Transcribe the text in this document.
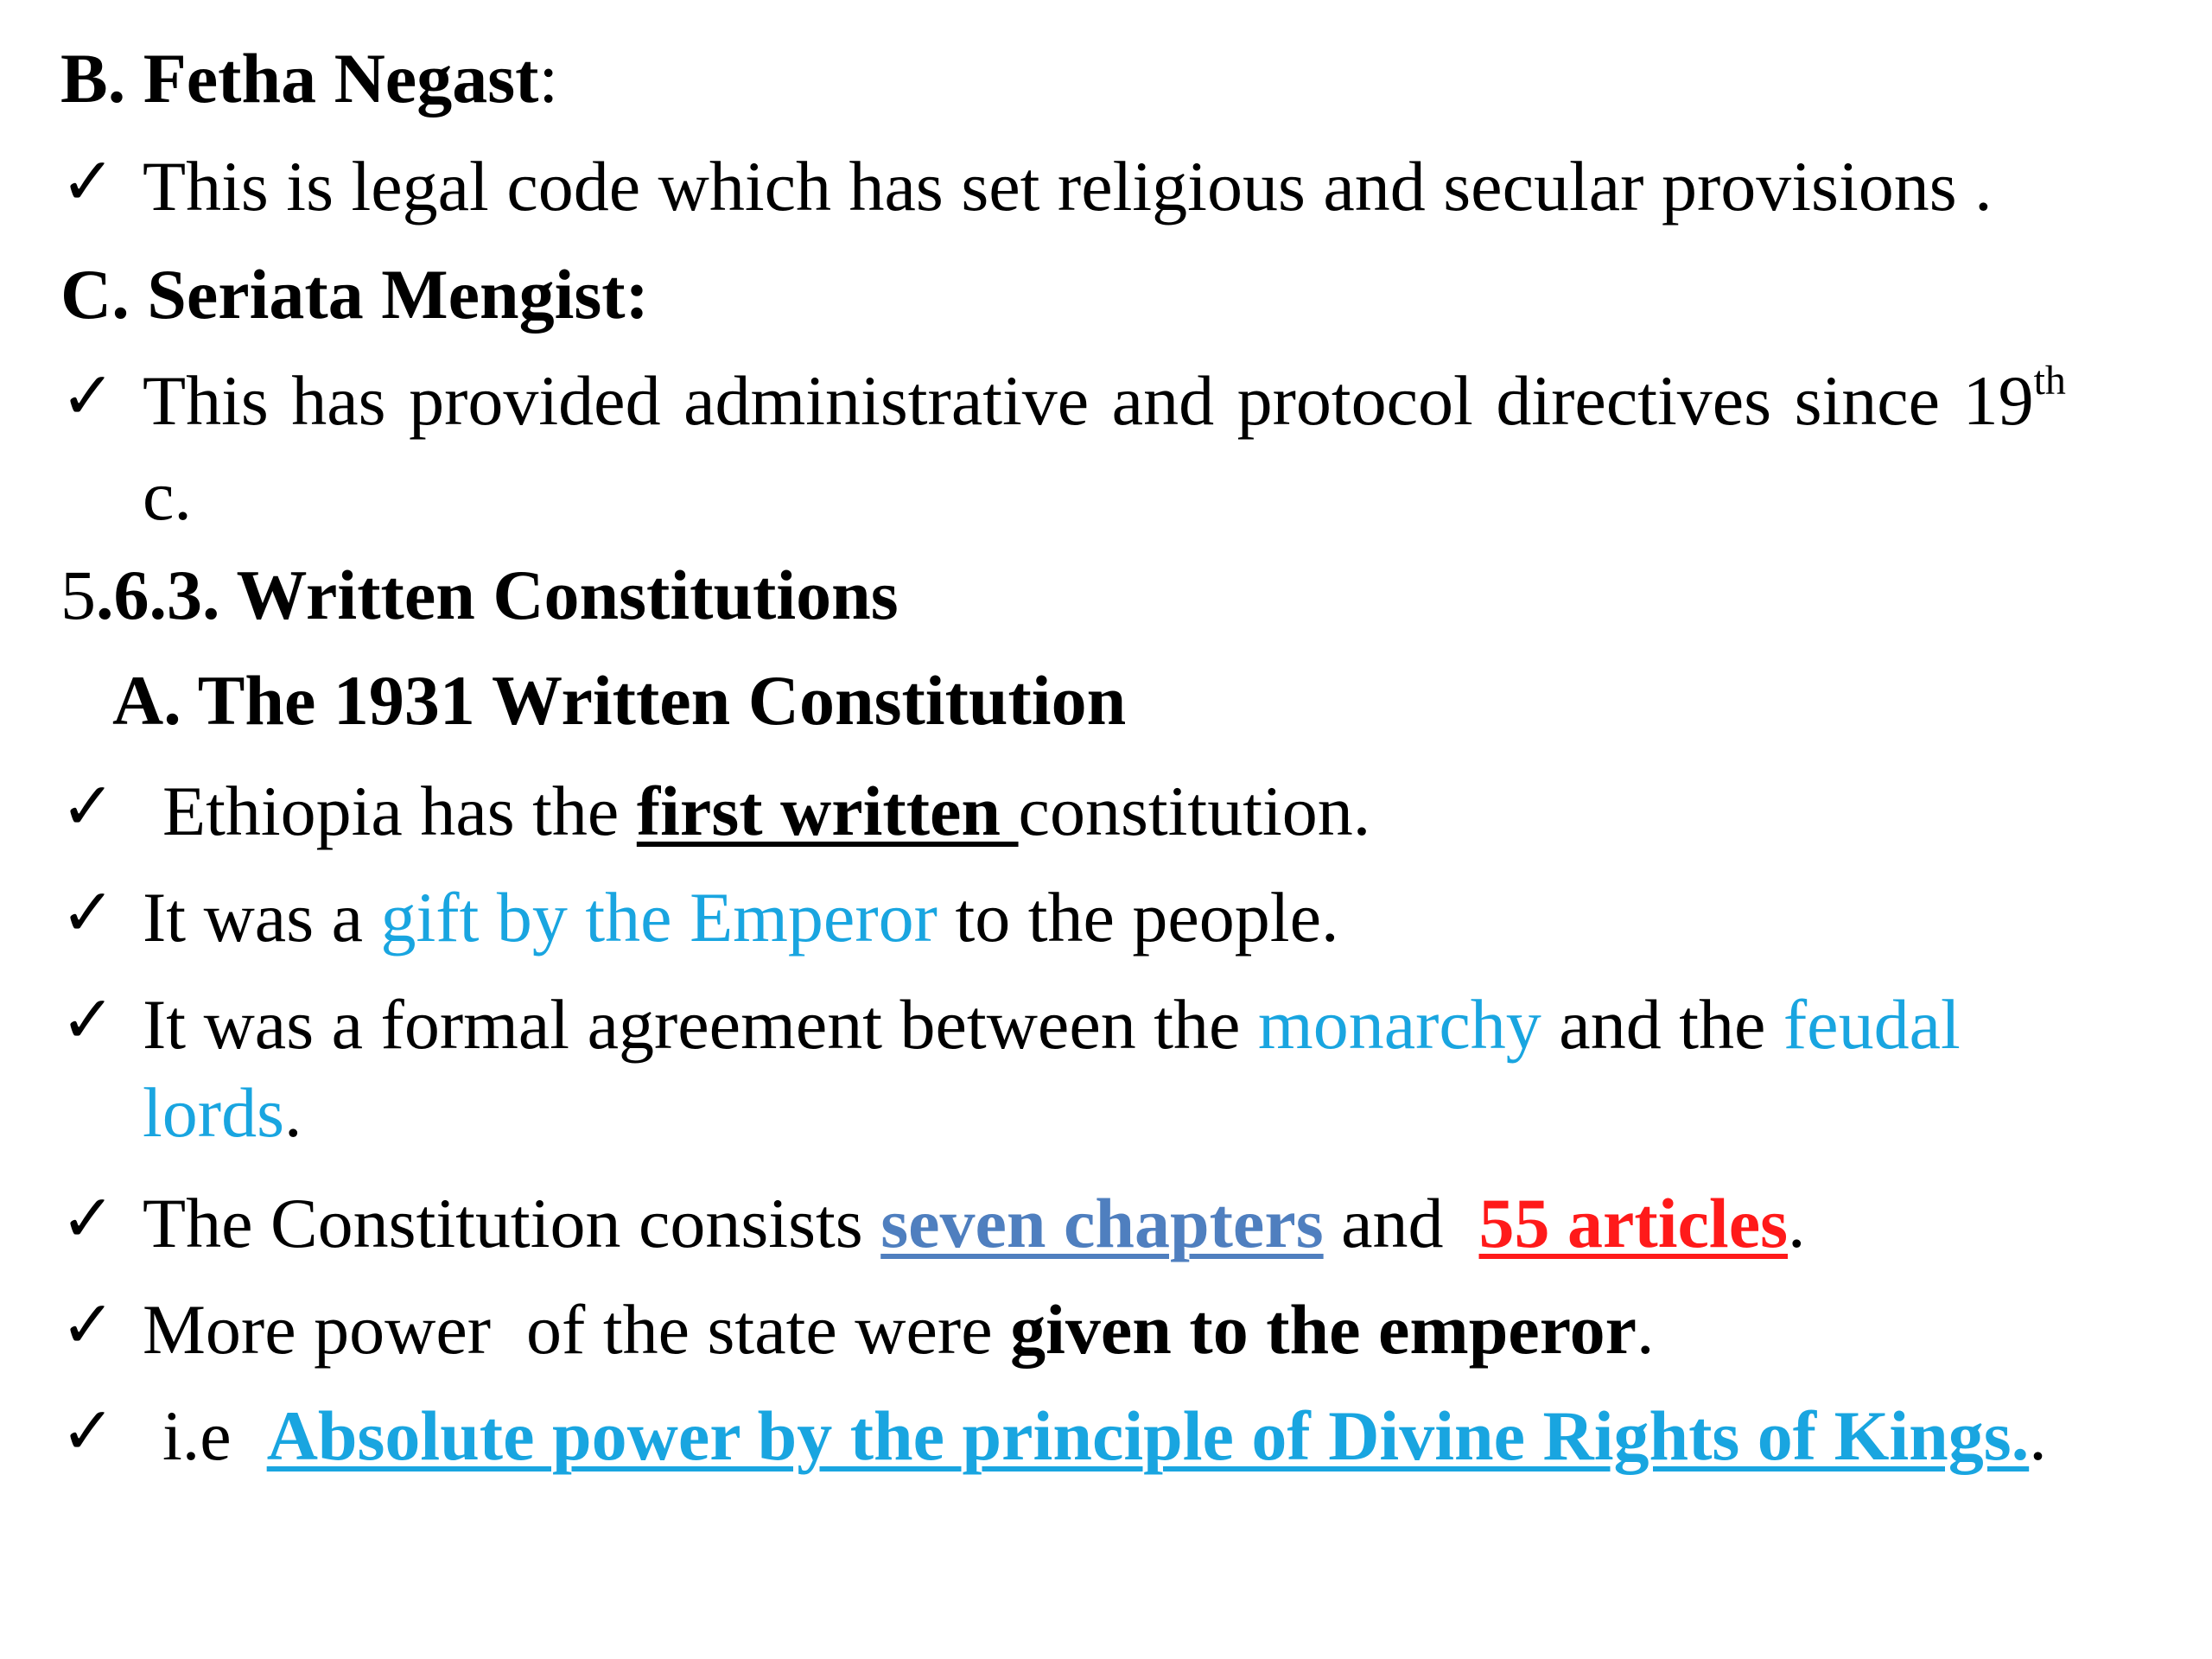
B. Fetha Negast:
✓ This is legal code which has set religious and secular provisions .
C. Seriata Mengist:
✓ This has provided administrative and protocol directives since 19th
c.
5.6.3. Written Constitutions
A. The 1931 Written Constitution
✓ Ethiopia has the first written constitution.
✓ It was a gift by the Emperor to the people.
✓ It was a formal agreement between the monarchy and the feudal
lords.
✓ The Constitution consists seven chapters and  55 articles.
✓ More power  of the state were given to the emperor.
✓ i.e  Absolute power by the principle of Divine Rights of Kings..
